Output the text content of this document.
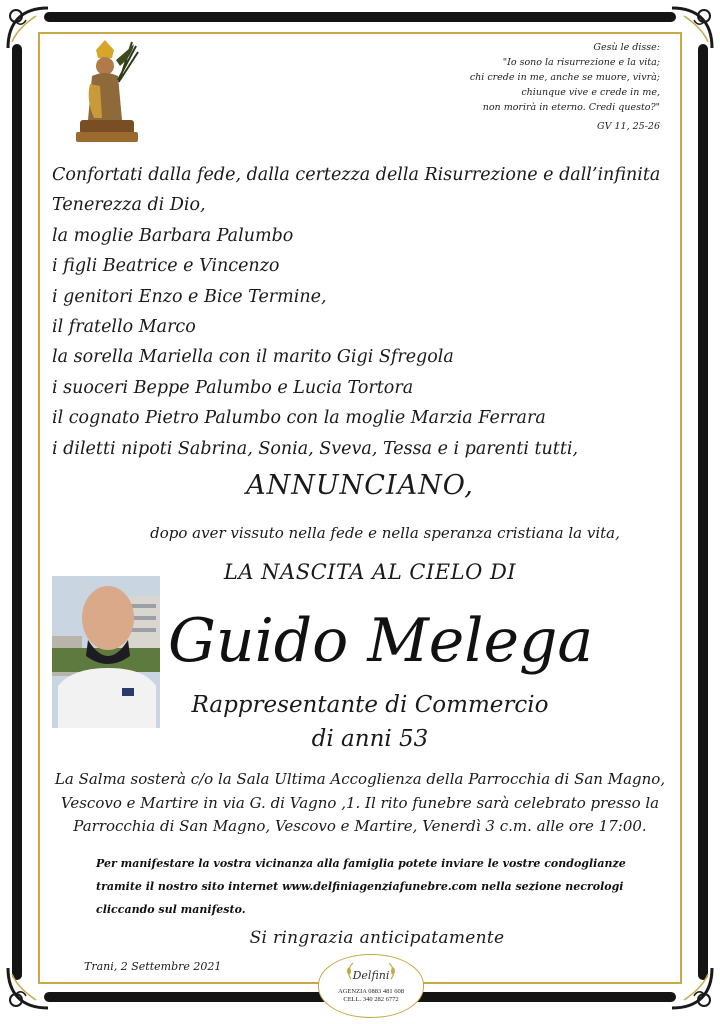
Gesù le disse:
"Io sono la risurrezione e la vita;
chi crede in me, anche se muore, vivrà;
chiunque vive e crede in me,
non morirà in eterno. Credi questo?"
GV 11, 25-26
Confortati dalla fede, dalla certezza della Risurrezione e dall’infinita
Tenerezza di Dio,
la moglie Barbara Palumbo
i figli Beatrice e Vincenzo
i genitori Enzo e Bice Termine,
il fratello Marco
la sorella Mariella con il marito Gigi Sfregola
i suoceri Beppe Palumbo e Lucia Tortora
il cognato Pietro Palumbo con la moglie Marzia Ferrara
i diletti nipoti Sabrina, Sonia, Sveva, Tessa e i parenti tutti,
ANNUNCIANO,
dopo aver vissuto nella fede e nella speranza cristiana la vita,
LA NASCITA AL CIELO DI
Guido Melega
Rappresentante di Commercio
di anni 53
La Salma sosterà c/o la Sala Ultima Accoglienza della Parrocchia di San Magno,
Vescovo e Martire in via G. di Vagno ,1. Il rito funebre sarà celebrato presso la
Parrocchia di San Magno, Vescovo e Martire, Venerdì 3 c.m. alle ore 17:00.
Per manifestare la vostra vicinanza alla famiglia potete inviare le vostre condoglianze
tramite il nostro sito internet www.delfiniagenziafunebre.com nella sezione necrologi
cliccando sul manifesto.
Si ringrazia anticipatamente
Trani, 2 Settembre 2021
Delfini
AGENZIA 0883 481 608
CELL. 340 282 6772
